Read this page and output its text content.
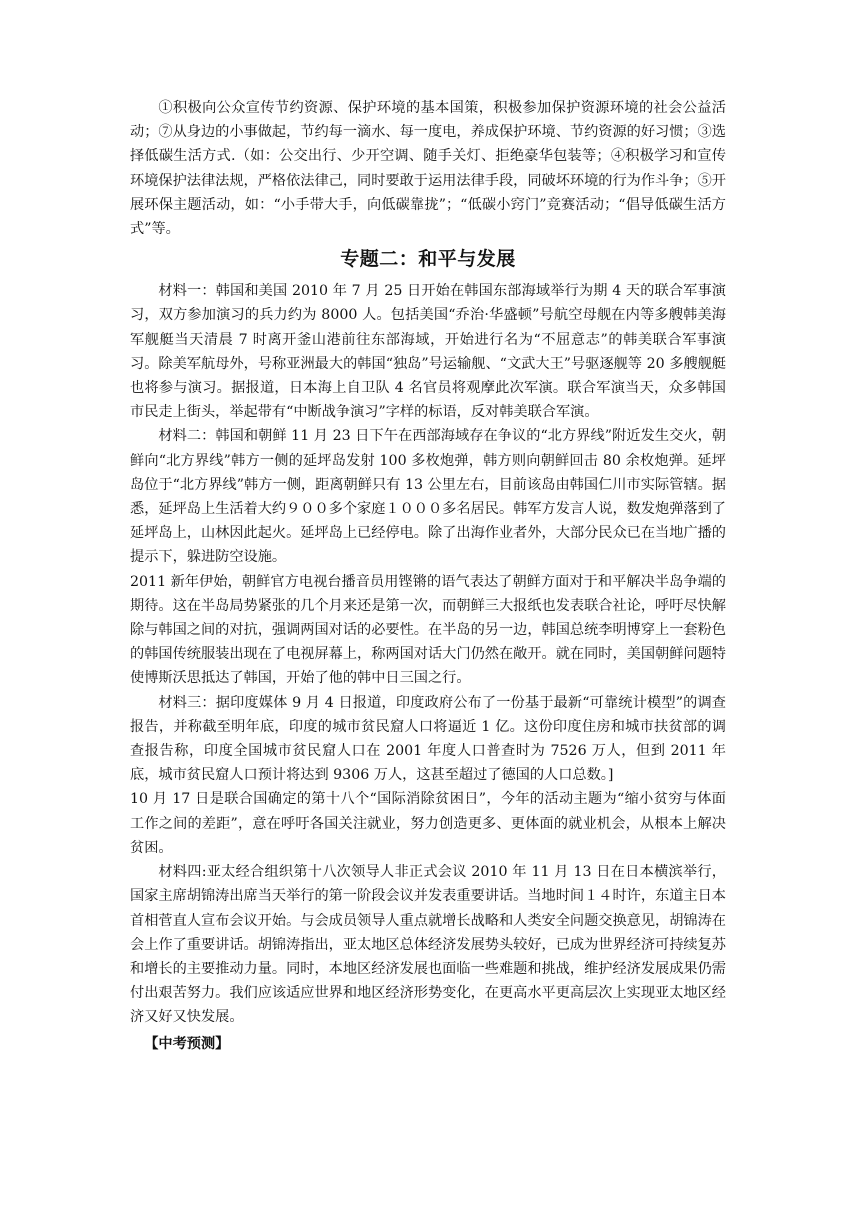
①积极向公众宣传节约资源、保护环境的基本国策，积极参加保护资源环境的社会公益活动；⑦从身边的小事做起，节约每一滴水、每一度电，养成保护环境、节约资源的好习惯；③选择低碳生活方式.（如：公交出行、少开空调、随手关灯、拒绝豪华包装等；④积极学习和宣传环境保护法律法规，严格依法律己，同时要敢于运用法律手段，同破坏环境的行为作斗争；⑤开展环保主题活动，如：“小手带大手，向低碳靠拢”；“低碳小窍门”竞赛活动；“倡导低碳生活方式”等。

专题二：和平与发展

材料一：韩国和美国 2010 年 7 月 25 日开始在韩国东部海域举行为期 4 天的联合军事演习，双方参加演习的兵力约为 8000 人。包括美国“乔治·华盛顿”号航空母舰在内等多艘韩美海军舰艇当天清晨 7 时离开釜山港前往东部海域，开始进行名为“不屈意志”的韩美联合军事演习。除美军航母外，号称亚洲最大的韩国“独岛”号运输舰、“文武大王”号驱逐舰等 20 多艘舰艇也将参与演习。据报道，日本海上自卫队 4 名官员将观摩此次军演。联合军演当天，众多韩国市民走上街头，举起带有“中断战争演习”字样的标语，反对韩美联合军演。

材料二：韩国和朝鲜 11 月 23 日下午在西部海域存在争议的“北方界线”附近发生交火，朝鲜向“北方界线”韩方一侧的延坪岛发射 100 多枚炮弹，韩方则向朝鲜回击 80 余枚炮弹。延坪岛位于“北方界线”韩方一侧，距离朝鲜只有 13 公里左右，目前该岛由韩国仁川市实际管辖。据悉，延坪岛上生活着大约９００多个家庭１０００多名居民。韩军方发言人说，数发炮弹落到了延坪岛上，山林因此起火。延坪岛上已经停电。除了出海作业者外，大部分民众已在当地广播的提示下，躲进防空设施。

2011 新年伊始，朝鲜官方电视台播音员用铿锵的语气表达了朝鲜方面对于和平解决半岛争端的期待。这在半岛局势紧张的几个月来还是第一次，而朝鲜三大报纸也发表联合社论，呼吁尽快解除与韩国之间的对抗，强调两国对话的必要性。在半岛的另一边，韩国总统李明博穿上一套粉色的韩国传统服装出现在了电视屏幕上，称两国对话大门仍然在敞开。就在同时，美国朝鲜问题特使博斯沃思抵达了韩国，开始了他的韩中日三国之行。

材料三：据印度媒体 9 月 4 日报道，印度政府公布了一份基于最新“可靠统计模型”的调查报告，并称截至明年底，印度的城市贫民窟人口将逼近 1 亿。这份印度住房和城市扶贫部的调查报告称，印度全国城市贫民窟人口在 2001 年度人口普查时为 7526 万人，但到 2011 年底，城市贫民窟人口预计将达到 9306 万人，这甚至超过了德国的人口总数。]

10 月 17 日是联合国确定的第十八个“国际消除贫困日”，今年的活动主题为“缩小贫穷与体面工作之间的差距”，意在呼吁各国关注就业，努力创造更多、更体面的就业机会，从根本上解决贫困。

材料四:亚太经合组织第十八次领导人非正式会议 2010 年 11 月 13 日在日本横滨举行，国家主席胡锦涛出席当天举行的第一阶段会议并发表重要讲话。当地时间１４时许，东道主日本首相菅直人宣布会议开始。与会成员领导人重点就增长战略和人类安全问题交换意见，胡锦涛在会上作了重要讲话。胡锦涛指出，亚太地区总体经济发展势头较好，已成为世界经济可持续复苏和增长的主要推动力量。同时，本地区经济发展也面临一些难题和挑战，维护经济发展成果仍需付出艰苦努力。我们应该适应世界和地区经济形势变化，在更高水平更高层次上实现亚太地区经济又好又快发展。

【中考预测】
